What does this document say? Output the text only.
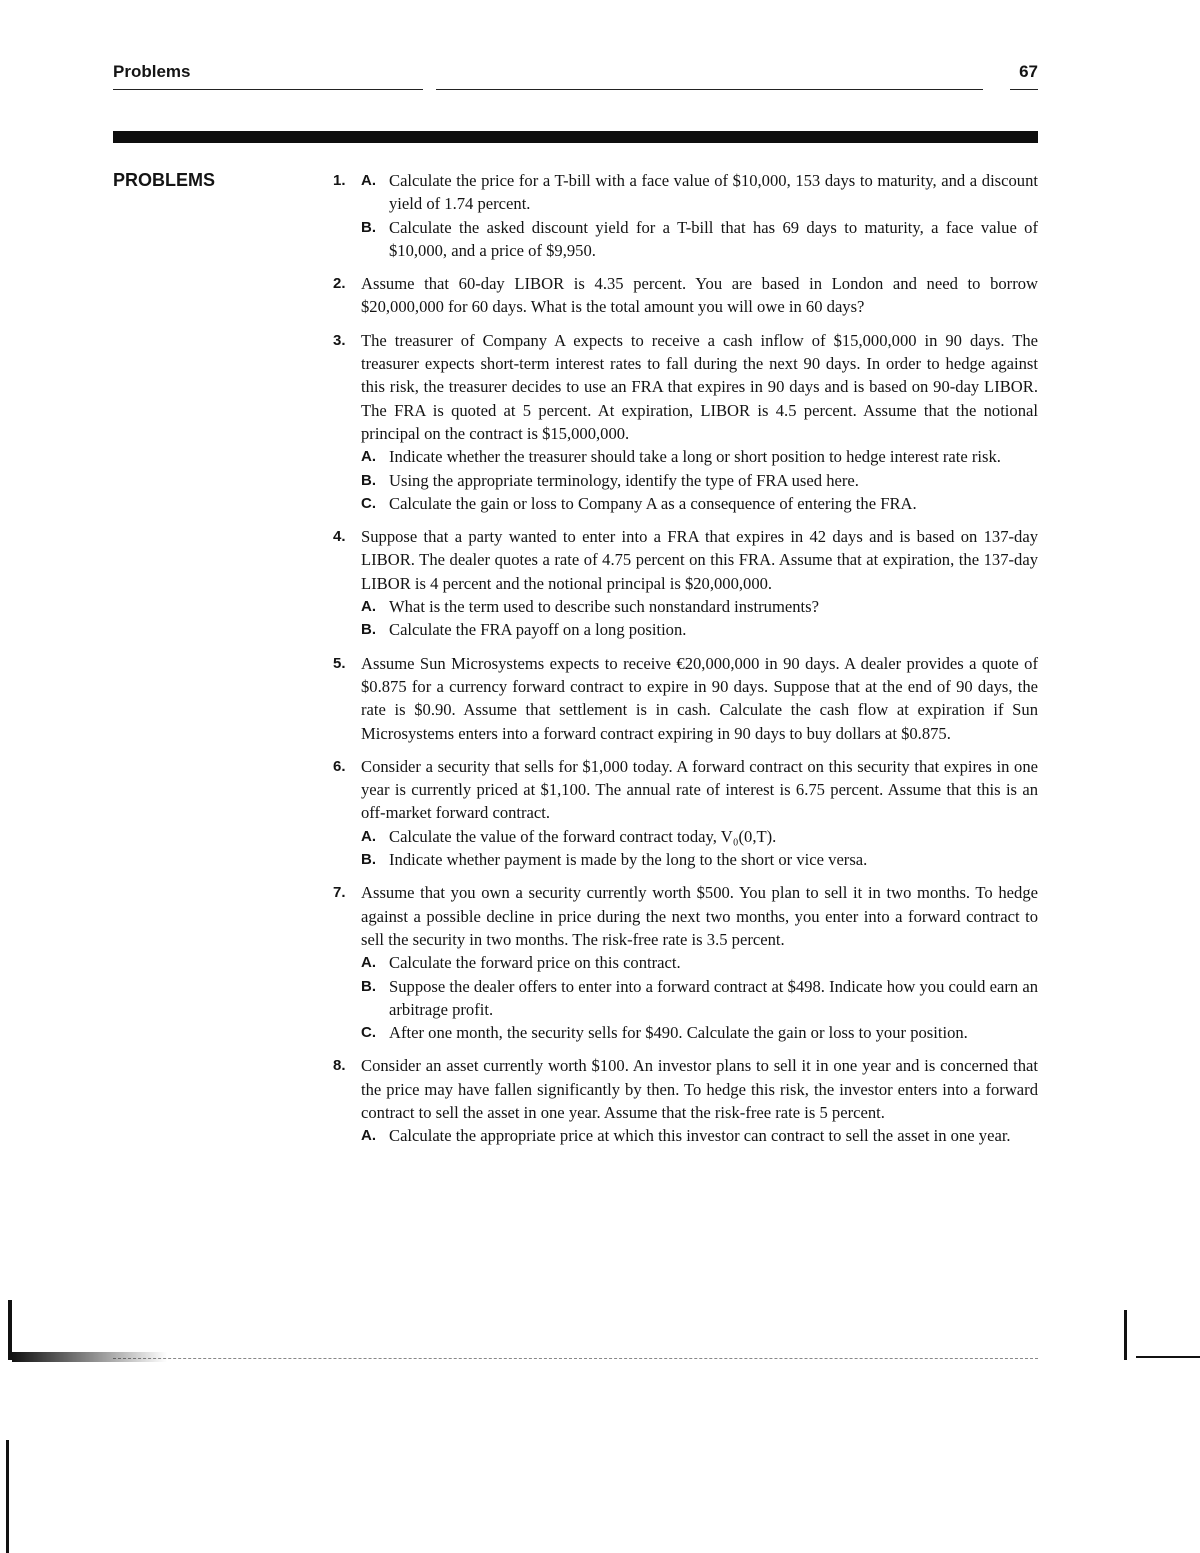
Problems	67
PROBLEMS	1. A. Calculate the price for a T-bill with a face value of $10,000, 153 days to maturity, and a discount yield of 1.74 percent.

B. Calculate the asked discount yield for a T-bill that has 69 days to maturity, a face value of $10,000, and a price of $9,950.

2. Assume that 60-day LIBOR is 4.35 percent. You are based in London and need to borrow $20,000,000 for 60 days. What is the total amount you will owe in 60 days?

3. The treasurer of Company A expects to receive a cash inflow of $15,000,000 in 90 days. The treasurer expects short-term interest rates to fall during the next 90 days. In order to hedge against this risk, the treasurer decides to use an FRA that expires in 90 days and is based on 90-day LIBOR. The FRA is quoted at 5 percent. At expiration, LIBOR is 4.5 percent. Assume that the notional principal on the contract is $15,000,000.

A. Indicate whether the treasurer should take a long or short position to hedge interest rate risk.

B. Using the appropriate terminology, identify the type of FRA used here.

C. Calculate the gain or loss to Company A as a consequence of entering the FRA.

4. Suppose that a party wanted to enter into a FRA that expires in 42 days and is based on 137-day LIBOR. The dealer quotes a rate of 4.75 percent on this FRA. Assume that at expiration, the 137-day LIBOR is 4 percent and the notional principal is $20,000,000.

A. What is the term used to describe such nonstandard instruments?

B. Calculate the FRA payoff on a long position.

5. Assume Sun Microsystems expects to receive €20,000,000 in 90 days. A dealer provides a quote of $0.875 for a currency forward contract to expire in 90 days. Suppose that at the end of 90 days, the rate is $0.90. Assume that settlement is in cash. Calculate the cash flow at expiration if Sun Microsystems enters into a forward contract expiring in 90 days to buy dollars at $0.875.

6. Consider a security that sells for $1,000 today. A forward contract on this security that expires in one year is currently priced at $1,100. The annual rate of interest is 6.75 percent. Assume that this is an off-market forward contract.

A. Calculate the value of the forward contract today, V₀(0,T).

B. Indicate whether payment is made by the long to the short or vice versa.

7. Assume that you own a security currently worth $500. You plan to sell it in two months. To hedge against a possible decline in price during the next two months, you enter into a forward contract to sell the security in two months. The risk-free rate is 3.5 percent.

A. Calculate the forward price on this contract.

B. Suppose the dealer offers to enter into a forward contract at $498. Indicate how you could earn an arbitrage profit.

C. After one month, the security sells for $490. Calculate the gain or loss to your position.

8. Consider an asset currently worth $100. An investor plans to sell it in one year and is concerned that the price may have fallen significantly by then. To hedge this risk, the investor enters into a forward contract to sell the asset in one year. Assume that the risk-free rate is 5 percent.

A. Calculate the appropriate price at which this investor can contract to sell the asset in one year.
